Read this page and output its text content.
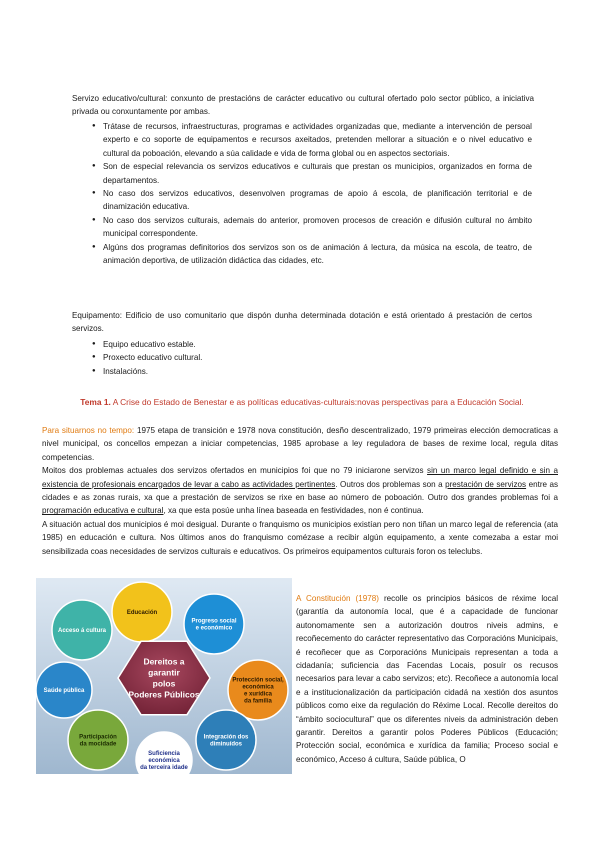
Servizo educativo/cultural: conxunto de prestacións de carácter educativo ou cultural ofertado polo sector público, a iniciativa privada ou conxuntamente por ambas.

● Trátase de recursos, infraestructuras, programas e actividades organizadas que, mediante a intervención de persoal experto e co soporte de equipamentos e recursos axeitados, pretenden mellorar a situación e o nivel educativo e cultural da poboación, elevando a súa calidade e vida de forma global ou en aspectos sectoriais.
● Son de especial relevancia os servizos educativos e culturais que prestan os municipios, organizados en forma de departamentos.
● No caso dos servizos educativos, desenvolven programas de apoio á escola, de planificación territorial e de dinamización educativa.
● No caso dos servizos culturais, ademais do anterior, promoven procesos de creación e difusión cultural no ámbito municipal correspondente.
● Algúns dos programas definitorios dos servizos son os de animación á lectura, da música na escola, de teatro, de animación deportiva, de utilización didáctica das cidades, etc.

Equipamento: Edificio de uso comunitario que dispón dunha determinada dotación e está orientado á prestación de certos servizos.

● Equipo educativo estable.
● Proxecto educativo cultural.
● Instalacións.

Tema 1. A Crise do Estado de Benestar e as políticas educativas-culturais:novas perspectivas para a Educación Social.

Para situarnos no tempo: 1975 etapa de transición e 1978 nova constitución, desño descentralizado, 1979 primeiras elección democraticas a nivel municipal, os concellos empezan a iniciar competencias, 1985 aprobase a ley reguladora de bases de rexime local, regula ditas competencias.

Moitos dos problemas actuales dos servizos ofertados en municipios foi que no 79 iniciarone servizos sin un marco legal definido e sin a existencia de profesionais encargados de levar a cabo as actividades pertinentes. Outros dos problemas son a prestación de servizos entre as cidades e as zonas rurais, xa que a prestación de servizos se rixe en base ao número de poboación. Outro dos grandes problemas foi a programación educativa e cultural, xa que esta posúe unha línea baseada en festividades, non é continua.

A situación actual dos municipios é moi desigual. Durante o franquismo os municipios existían pero non tiñan un marco legal de referencia (ata 1985) en educación e cultura. Nos últimos anos do franquismo comézase a recibir algún equipamento, a xente comezaba a estar moi sensibilizada coas necesidades de servizos culturais e educativos. Os primeiros equipamentos culturais foron os teleclubs.

Educación
Progreso social
e económico
Protección social,
económica
e xurídica
da familia
Integración dos
diminuídos
Suficiencia
económica
da terceira idade
Participación
da mocidade
Saúde pública
Acceso á cultura
Dereitos a
garantir
polos
Poderes Públicos

A Constitución (1978) recolle os principios básicos de réxime local (garantía da autonomía local, que é a capacidade de funcionar autonomamente sen a autorización doutros niveis admins, e recoñecemento do carácter representativo das Corporacións Municipais, é recoñecer que as Corporacións Municipais representan a toda a cidadanía; suficiencia das Facendas Locais, posuír os recusos necesarios para levar a cabo servizos; etc). Recoñece a autonomía local e a institucionalización da participación cidadá na xestión dos asuntos públicos como eixe da regulación do Réxime Local. Recolle dereitos do “ámbito sociocultural” que os diferentes niveis da administración deben garantir. Dereitos a garantir polos Poderes Públicos (Educación; Protección social, económica e xurídica da familia; Proceso social e económico, Acceso á cultura, Saúde pública, O
